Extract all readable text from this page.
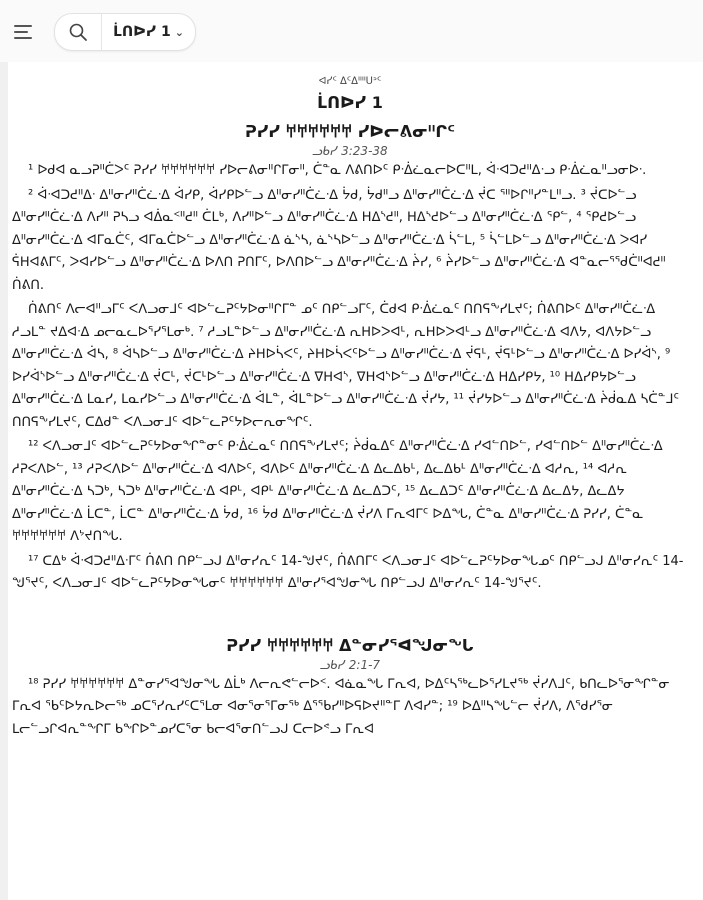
ᒫᑎᐅᓯ 1 ⌄
ᐊᓯᑦ ᐃᑦᐃᐦᐦᑌᐣᑦ
ᒫᑎᐅᓯ 1
ᕈᓯᓯ 𐀀𐀀𐀀𐀀𐀀𐀀 ᓯᐅᓕᕕᓂᐦᒋᑦ
ᓗᑲᓯ 3:23-38

¹ ᐅᑯᐊ ᓇᓗᕈᐦᑖᐳᑦ ᕈᓯᓯ 𐀀𐀀𐀀𐀀𐀀𐀀 ᓯᐅᓕᕕᓂᐦᒋᒥᓂᐦ, ᑖᓐᓇ ᐱᕕᑎᐅᑦ ᑭᐧᐄᓛᓇᓕᐅᑕᐦᒪ, ᐋᐧᐊᑐᕍᐦᐃᐧᓗ ᑭᐧᐄᓛᓇᐦᓗᓂᐅᐧ.

² ᐋᐧᐊᑐᕍᐦᐃᐧ ᐃᐦᓂᓯᐦᑖᓛᐧᐃ ᐋᓯᑭ, ᐋᓯᑭᐅᓪᓗ ᐃᐦᓂᓯᐦᑖᓛᐧᐃ ᔮᑯ, ᔮᑯᐦᓗ ᐃᐦᓂᓯᐦᑖᓛᐧᐃ ᔫᑕ ᕐᐦᐅᒋᐦᓯᓐᒪᐦᓗ. ³ ᔫᑕᐅᓪᓗ ᐃᐦᓂᓯᐦᑖᓛᐧᐃ ᐱᓯᐦ ᕈᓴᓗ ᐊᐄᓇᑉᐦᕍᐦ ᑖᒪᒃ, ᐱᓯᐦᐅᓪᓗ ᐃᐦᓂᓯᐦᑖᓛᐧᐃ ᕼᐃᔅᕍᐦ, ᕼᐃᔅᕍᐅᓪᓗ ᐃᐦᓂᓯᐦᑖᓛᐧᐃ ᕿᓪ, ⁴ ᕿᕍᐅᓪᓗ ᐃᐦᓂᓯᐦᑖᓛᐧᐃ ᐊᒥᓇᑖᑦ, ᐊᒥᓇᑖᐅᓪᓗ ᐃᐦᓂᓯᐦᑖᓛᐧᐃ ᓈᔅᓴ, ᓈᔅᓴᐅᓪᓗ ᐃᐦᓂᓯᐦᑖᓛᐧᐃ ᓵᓪᒪ, ⁵ ᓵᓪᒪᐅᓪᓗ ᐃᐦᓂᓯᐦᑖᓛᐧᐃ ᐳᐊᓯ ᕌᕼᐊᕕᒥᑦ, ᐳᐊᓯᐅᓪᓗ ᐃᐦᓂᓯᐦᑖᓛᐧᐃ ᐅᐱᑎ ᕈᑎᒥᑦ, ᐅᐱᑎᐅᓪᓗ ᐃᐦᓂᓯᐦᑖᓛᐧᐃ ᔩᓯ, ⁶ ᔩᓯᐅᓪᓗ ᐃᐦᓂᓯᐦᑖᓛᐧᐃ ᐊᓐᓇᓕᕐᖁᑖᐦᐊᕍᐦ ᑏᕕᑎ.

ᑏᕕᑎᑦ ᐱᓕᐊᐦᓗᒥᑦ ᐸᐱᓗᓂᒧᑦ ᐊᐅᓪᓚᕈᑦᔭᐅᓂᐦᒋᒥᓐ ᓄᑦ ᑎᑭᓪᓗᒥᑦ, ᑖᑯᐊ ᑭᐧᐄᓛᓇᑦ ᑎᑎᕋᖕᓯᒪᔪᑦ; ᑏᕕᑎᐅᑦ ᐃᐦᓂᓯᐦᑖᓛᐧᐃ ᓱᓗᒪᓐ ᔪᐃᐊᐧᐃ ᓄᓕᓇᓚᐅᕐᓯᕐᒪᓂᒃ. ⁷ ᓱᓗᒪᓐᐅᓪᓗ ᐃᐦᓂᓯᐦᑖᓛᐧᐃ ᕆᕼᐅᐳᐊᒻ, ᕆᕼᐅᐳᐊᒻᓗ ᐃᐦᓂᓯᐦᑖᓛᐧᐃ ᐊᐱᔭ, ᐊᐱᔭᐅᓪᓗ ᐃᐦᓂᓯᐦᑖᓛᐧᐃ ᐋᓴ, ⁸ ᐋᓴᐅᓪᓗ ᐃᐦᓂᓯᐦᑖᓛᐧᐃ ᔨᕼᐅᓵᐸᑦ, ᔨᕼᐅᓵᐸᑦᐅᓪᓗ ᐃᐦᓂᓯᐦᑖᓛᐧᐃ ᔫᕋᒻ, ᔫᕋᒻᐅᓪᓗ ᐃᐦᓂᓯᐦᑖᓛᐧᐃ ᐅᓯᐋᔅ, ⁹ ᐅᓯᐋᔅᐅᓪᓗ ᐃᐦᓂᓯᐦᑖᓛᐧᐃ ᔫᑕᒻ, ᔫᑕᒻᐅᓪᓗ ᐃᐦᓂᓯᐦᑖᓛᐧᐃ ᐁᕼᐊᔅ, ᐁᕼᐊᔅᐅᓪᓗ ᐃᐦᓂᓯᐦᑖᓛᐧᐃ ᕼᐃᓯᑭᔭ, ¹⁰ ᕼᐃᓯᑭᔭᐅᓪᓗ ᐃᐦᓂᓯᐦᑖᓛᐧᐃ ᒪᓇᓯ, ᒪᓇᓯᐅᓪᓗ ᐃᐦᓂᓯᐦᑖᓛᐧᐃ ᐋᒪᓐ, ᐋᒪᓐᐅᓪᓗ ᐃᐦᓂᓯᐦᑖᓛᐧᐃ ᔫᓯᔭ, ¹¹ ᔫᓯᔭᐅᓪᓗ ᐃᐦᓂᓯᐦᑖᓛᐧᐃ ᔩᑰᓇᐃ ᓴᑖᓐᒧᑦ ᑎᑎᕋᖕᓯᒪᔪᑦ, ᑕᐃᑯᓐ ᐸᐱᓗᓂᒧᑦ ᐊᐅᓪᓚᕈᑦᔭᐅᓕᕆᓂᖏᑦ.

¹² ᐸᐱᓗᓂᒧᑦ ᐊᐅᓪᓚᕈᑦᔭᐅᓂᖏᓐᓂᑦ ᑭᐧᐄᓛᓇᑦ ᑎᑎᕋᖕᓯᒪᔪᑦ; ᔩᑰᓇᐃᑦ ᐃᐦᓂᓯᐦᑖᓛᐧᐃ ᓯᐊᓪᑎᐅᓪ, ᓯᐊᓪᑎᐅᓪ ᐃᐦᓂᓯᐦᑖᓛᐧᐃ ᓱᕈᐸᐱᐅᓪ, ¹³ ᓱᕈᐸᐱᐅᓪ ᐃᐦᓂᓯᐦᑖᓛᐧᐃ ᐊᐱᐅᑦ, ᐊᐱᐅᑦ ᐃᐦᓂᓯᐦᑖᓛᐧᐃ ᐃᓚᐃᑲᒻ, ᐃᓚᐃᑲᒻ ᐃᐦᓂᓯᐦᑖᓛᐧᐃ ᐊᓱᕆ, ¹⁴ ᐊᓱᕆ ᐃᐦᓂᓯᐦᑖᓛᐧᐃ ᓴᑐᒃ, ᓴᑐᒃ ᐃᐦᓂᓯᐦᑖᓛᐧᐃ ᐊᑭᒻ, ᐊᑭᒻ ᐃᐦᓂᓯᐦᑖᓛᐧᐃ ᐃᓚᐃᑐᑦ, ¹⁵ ᐃᓚᐃᑐᑦ ᐃᐦᓂᓯᐦᑖᓛᐧᐃ ᐃᓚᐃᔭ, ᐃᓚᐃᔭ ᐃᐦᓂᓯᐦᑖᓛᐧᐃ ᒫᑕᓐ, ᒫᑕᓐ ᐃᐦᓂᓯᐦᑖᓛᐧᐃ ᔮᑯ, ¹⁶ ᔮᑯ ᐃᐦᓂᓯᐦᑖᓛᐧᐃ ᔫᓯᐱ ᒥᕆᐊᒥᑦ ᐅᐃᖓ, ᑖᓐᓇ ᐃᐦᓂᓯᐦᑖᓛᐧᐃ ᕈᓯᓯ, ᑖᓐᓇ 𐀀𐀀𐀀𐀀𐀀𐀀 ᐱᔾᔪᑎᖓ.

¹⁷ ᑕᐃᒃ ᐋᐧᐊᑐᕍᐦᐃᐧᒥᑦ ᑏᕕᑎ ᑎᑭᓪᓗᒍ ᐃᐦᓂᓯᕆᑦ 14-ᖑᔪᑦ, ᑏᕕᑎᒥᑦ ᐸᐱᓗᓂᒧᑦ ᐊᐅᓪᓚᕈᑦᔭᐅᓂᖓᓄᑦ ᑎᑭᓪᓗᒍ ᐃᐦᓂᓯᕆᑦ 14-ᖑᕐᔪᑦ, ᐸᐱᓗᓂᒧᑦ ᐊᐅᓪᓚᕈᑦᔭᐅᓂᖓᓂᑦ 𐀀𐀀𐀀𐀀𐀀𐀀 ᐃᐦᓂᓯᕐᐊᖑᓂᖓ ᑎᑭᓪᓗᒍ ᐃᐦᓂᓯᕆᑦ 14-ᖑᕐᔪᑦ.

ᕈᓯᓯ 𐀀𐀀𐀀𐀀𐀀𐀀 ᐃᓐᓂᓯᕐᐊᖑᓂᖓ
ᓗᑲᓯ 2:1-7

¹⁸ ᕈᓯᓯ 𐀀𐀀𐀀𐀀𐀀𐀀 ᐃᓐᓂᓯᕐᐊᖑᓂᖓ ᐃᒫᒃ ᐱᓕᕆᕙᓪᓕᐅᑉ. ᐊᓈᓇᖓ ᒥᕆᐊ, ᐅᐃᑦᓴᖅᓚᐅᕐᓯᒪᔪᖅ ᔫᓯᐱᒧᑦ, ᑲᑎᓚᐅᕐᓂᖏᓐᓂ ᒥᕆᐊ ᖃᑦᐅᔭᕆᐅᓕᖅ ᓄᑕᕐᓯᕆᓯᑦᑕᕐᒪᓂ ᐊᓂᕐᓂᕐᒥᓂᖅ ᐃᕐᖃᓯᐦᐅᕋᐅᔪᐦᓐᒥ ᐱᐊᓯᓐ; ¹⁹ ᐅᐃᐦᓴᖓᓪᓕ ᔫᓯᐱ, ᐱᕐᑯᓯᕐᓂ ᒪᓕᓪᓗᒋᐊᕆᓐᖏᒥ ᑲᖏᐅᓐᓄᓯᑕᕐᓂ ᑲᓕᐊᕐᓂᑎᓪᓗᒍ ᑕᓕᐅᕝᓗ ᒥᕆᐊ
